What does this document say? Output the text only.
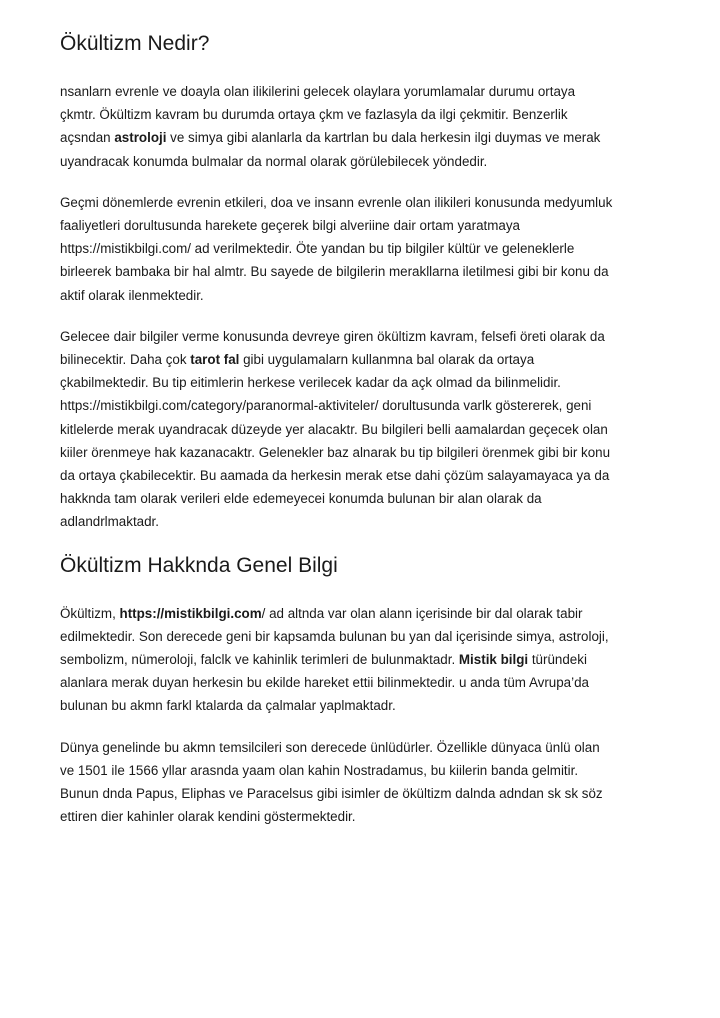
Ökültizm Nedir?

nsanlarn evrenle ve doayla olan ilikilerini gelecek olaylara yorumlamalar durumu ortaya
çkmtr. Ökültizm kavram bu durumda ortaya çkm ve fazlasyla da ilgi çekmitir. Benzerlik
açsndan astroloji ve simya gibi alanlarla da kartrlan bu dala herkesin ilgi duymas ve merak
uyandracak konumda bulmalar da normal olarak görülebilecek yöndedir.

Geçmi dönemlerde evrenin etkileri, doa ve insann evrenle olan ilikileri konusunda medyumluk
faaliyetleri dorultusunda harekete geçerek bilgi alveriine dair ortam yaratmaya
https://mistikbilgi.com/ ad verilmektedir. Öte yandan bu tip bilgiler kültür ve geleneklerle
birleerek bambaka bir hal almtr. Bu sayede de bilgilerin merakllarna iletilmesi gibi bir konu da
aktif olarak ilenmektedir.

Gelecee dair bilgiler verme konusunda devreye giren ökültizm kavram, felsefi öreti olarak da
bilinecektir. Daha çok tarot fal gibi uygulamalarn kullanmna bal olarak da ortaya
çkabilmektedir. Bu tip eitimlerin herkese verilecek kadar da açk olmad da bilinmelidir.
https://mistikbilgi.com/category/paranormal-aktiviteler/ dorultusunda varlk göstererek, geni
kitlelerde merak uyandracak düzeyde yer alacaktr. Bu bilgileri belli aamalardan geçecek olan
kiiler örenmeye hak kazanacaktr. Gelenekler baz alnarak bu tip bilgileri örenmek gibi bir konu
da ortaya çkabilecektir. Bu aamada da herkesin merak etse dahi çözüm salayamayaca ya da
hakknda tam olarak verileri elde edemeyecei konumda bulunan bir alan olarak da
adlandrlmaktadr.

Ökültizm Hakknda Genel Bilgi

Ökültizm, https://mistikbilgi.com/ ad altnda var olan alann içerisinde bir dal olarak tabir
edilmektedir. Son derecede geni bir kapsamda bulunan bu yan dal içerisinde simya, astroloji,
sembolizm, nümeroloji, falclk ve kahinlik terimleri de bulunmaktadr. Mistik bilgi türündeki
alanlara merak duyan herkesin bu ekilde hareket ettii bilinmektedir. u anda tüm Avrupa’da
bulunan bu akmn farkl ktalarda da çalmalar yaplmaktadr.

Dünya genelinde bu akmn temsilcileri son derecede ünlüdürler. Özellikle dünyaca ünlü olan
ve 1501 ile 1566 yllar arasnda yaam olan kahin Nostradamus, bu kiilerin banda gelmitir.
Bunun dnda Papus, Eliphas ve Paracelsus gibi isimler de ökültizm dalnda adndan sk sk söz
ettiren dier kahinler olarak kendini göstermektedir.
